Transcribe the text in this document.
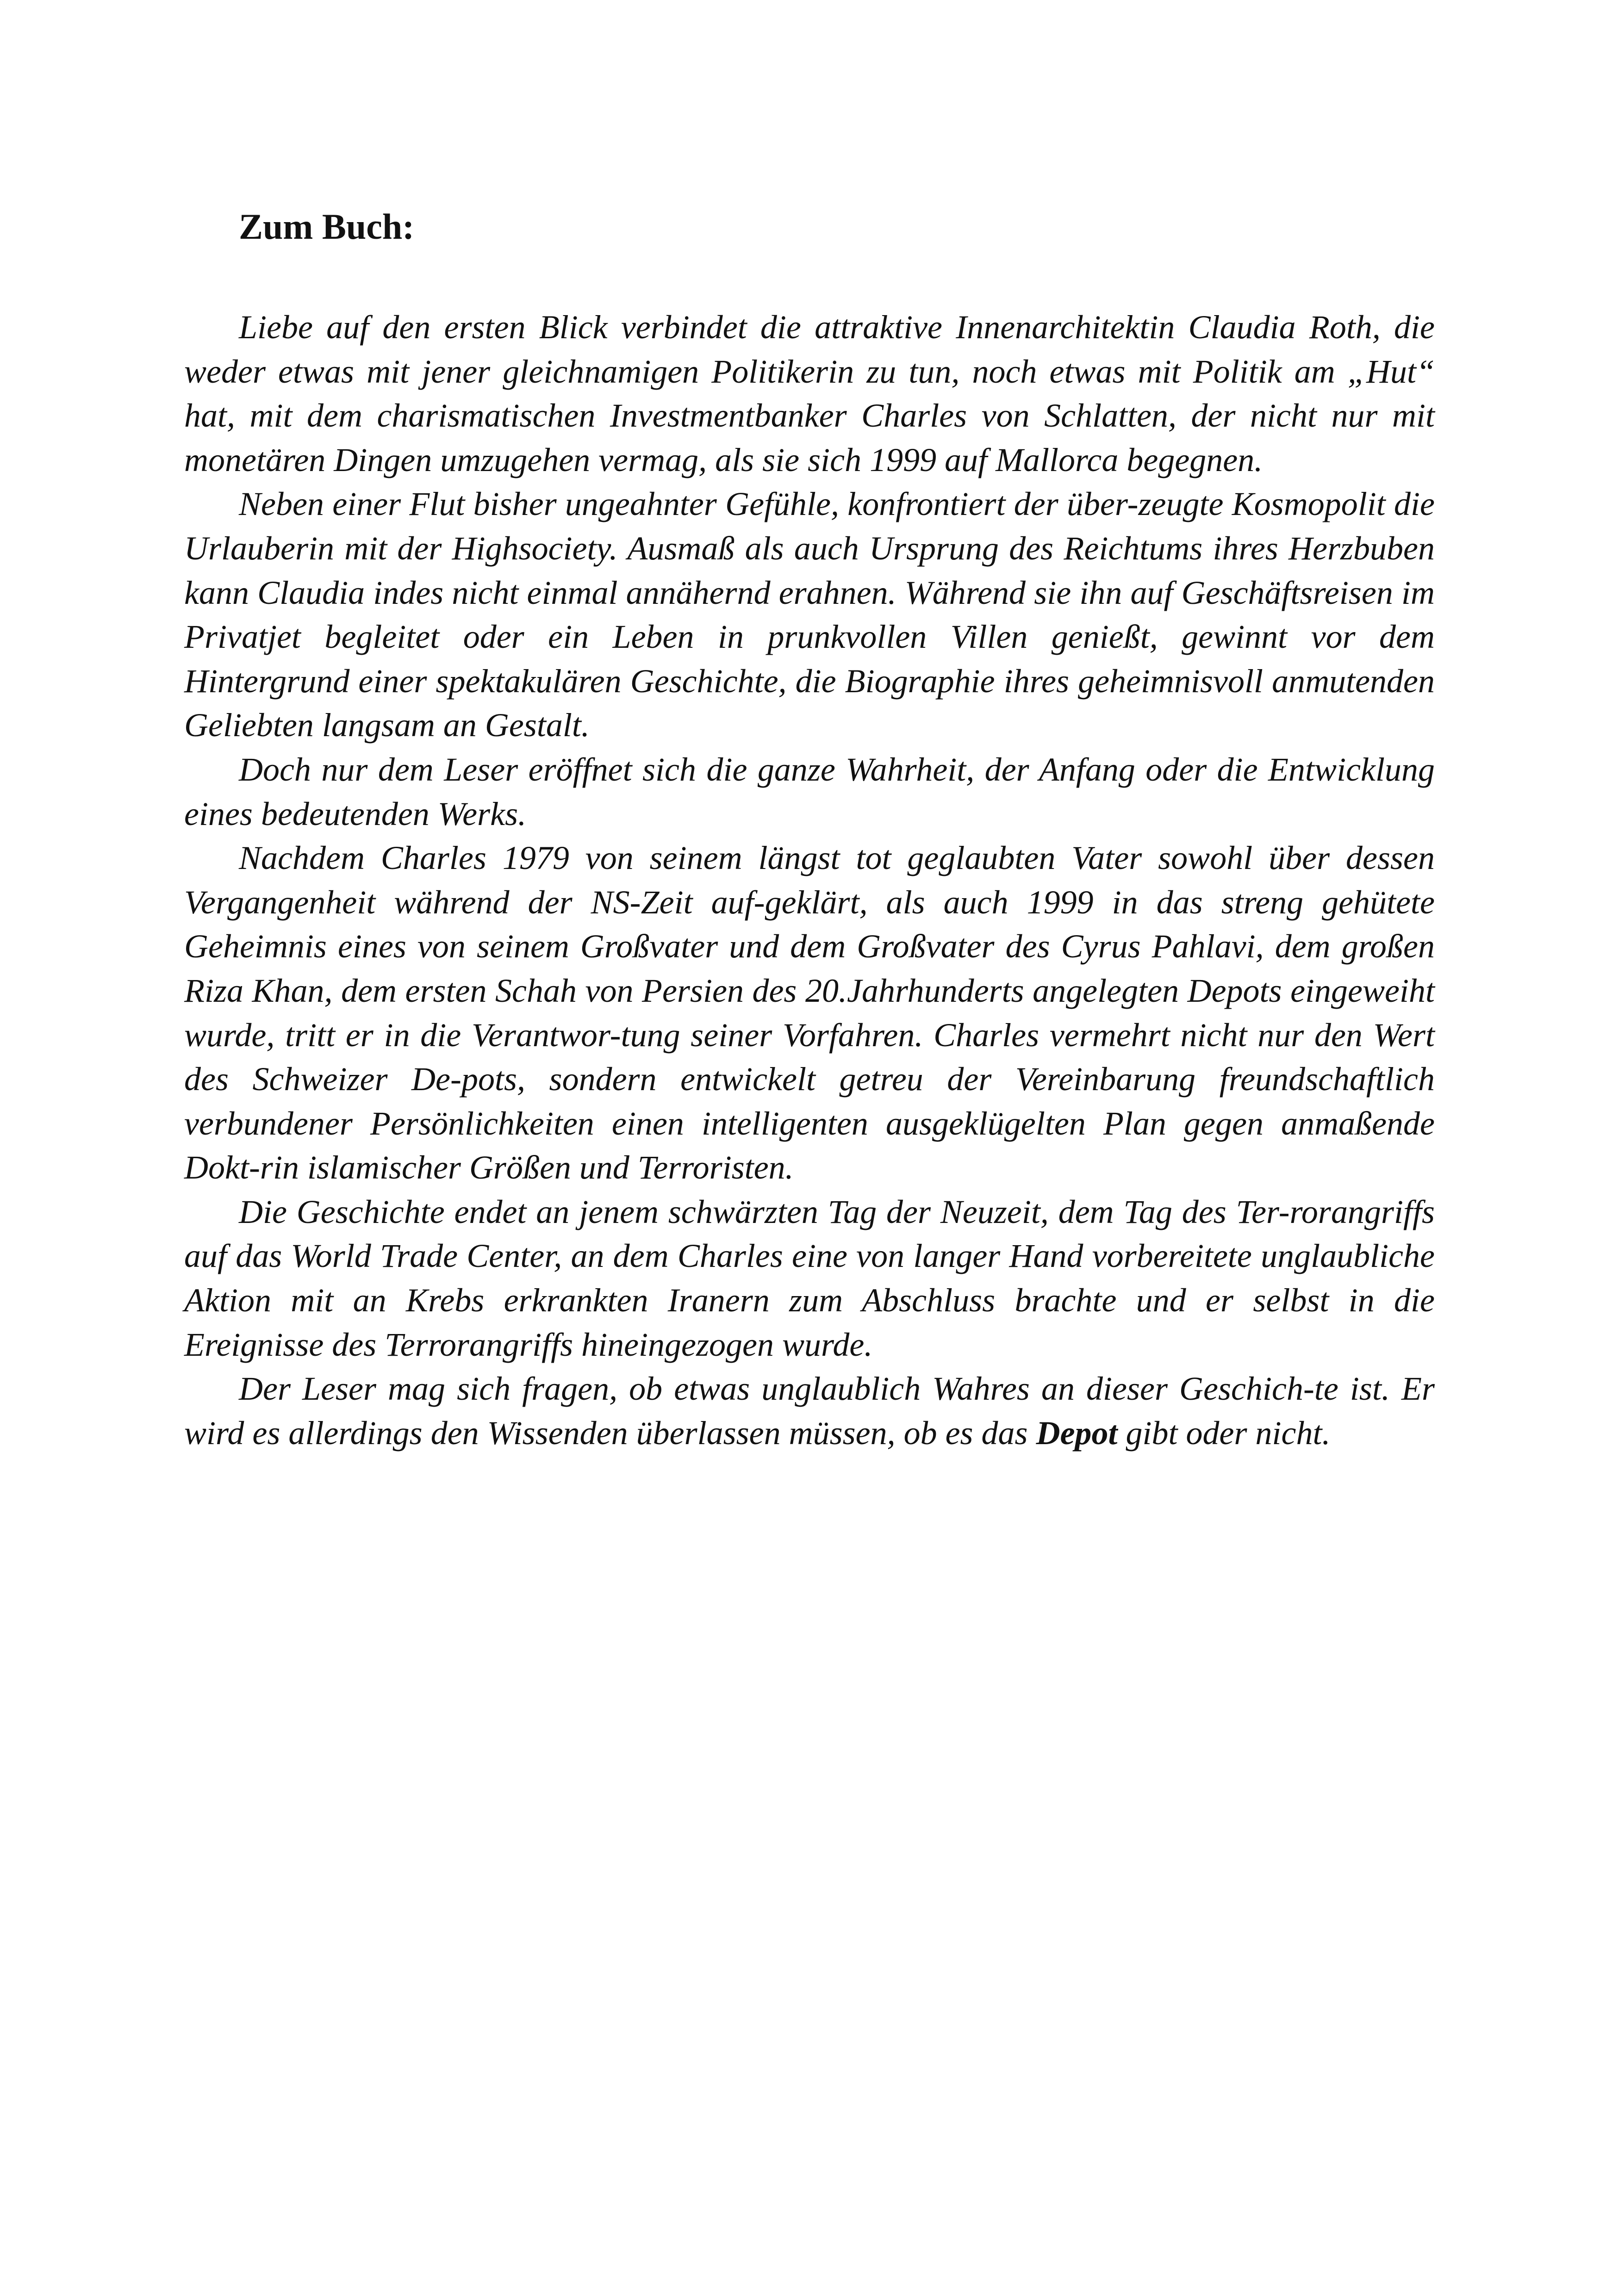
Zum Buch:

Liebe auf den ersten Blick verbindet die attraktive Innenarchitektin Claudia Roth, die weder etwas mit jener gleichnamigen Politikerin zu tun, noch etwas mit Politik am „Hut“ hat, mit dem charismatischen Investmentbanker Charles von Schlatten, der nicht nur mit monetären Dingen umzugehen vermag, als sie sich 1999 auf Mallorca begegnen.

Neben einer Flut bisher ungeahnter Gefühle, konfrontiert der über-zeugte Kosmopolit die Urlauberin mit der Highsociety. Ausmaß als auch Ursprung des Reichtums ihres Herzbuben kann Claudia indes nicht einmal annähernd erahnen. Während sie ihn auf Geschäftsreisen im Privatjet begleitet oder ein Leben in prunkvollen Villen genießt, gewinnt vor dem Hintergrund einer spektakulären Geschichte, die Biographie ihres geheimnisvoll anmutenden Geliebten langsam an Gestalt.

Doch nur dem Leser eröffnet sich die ganze Wahrheit, der Anfang oder die Entwicklung eines bedeutenden Werks.

Nachdem Charles 1979 von seinem längst tot geglaubten Vater sowohl über dessen Vergangenheit während der NS-Zeit auf-geklärt, als auch 1999 in das streng gehütete Geheimnis eines von seinem Großvater und dem Großvater des Cyrus Pahlavi, dem großen Riza Khan, dem ersten Schah von Persien des 20.Jahrhunderts angelegten Depots eingeweiht wurde, tritt er in die Verantwor-tung seiner Vorfahren. Charles vermehrt nicht nur den Wert des Schweizer De-pots, sondern entwickelt getreu der Vereinbarung freundschaftlich verbundener Persönlichkeiten einen intelligenten ausgeklügelten Plan gegen anmaßende Dokt-rin islamischer Größen und Terroristen.

Die Geschichte endet an jenem schwärzten Tag der Neuzeit, dem Tag des Ter-rorangriffs auf das World Trade Center, an dem Charles eine von langer Hand vorbereitete unglaubliche Aktion mit an Krebs erkrankten Iranern zum Abschluss brachte und er selbst in die Ereignisse des Terrorangriffs hineingezogen wurde.

Der Leser mag sich fragen, ob etwas unglaublich Wahres an dieser Geschich-te ist. Er wird es allerdings den Wissenden überlassen müssen, ob es das Depot gibt oder nicht.
